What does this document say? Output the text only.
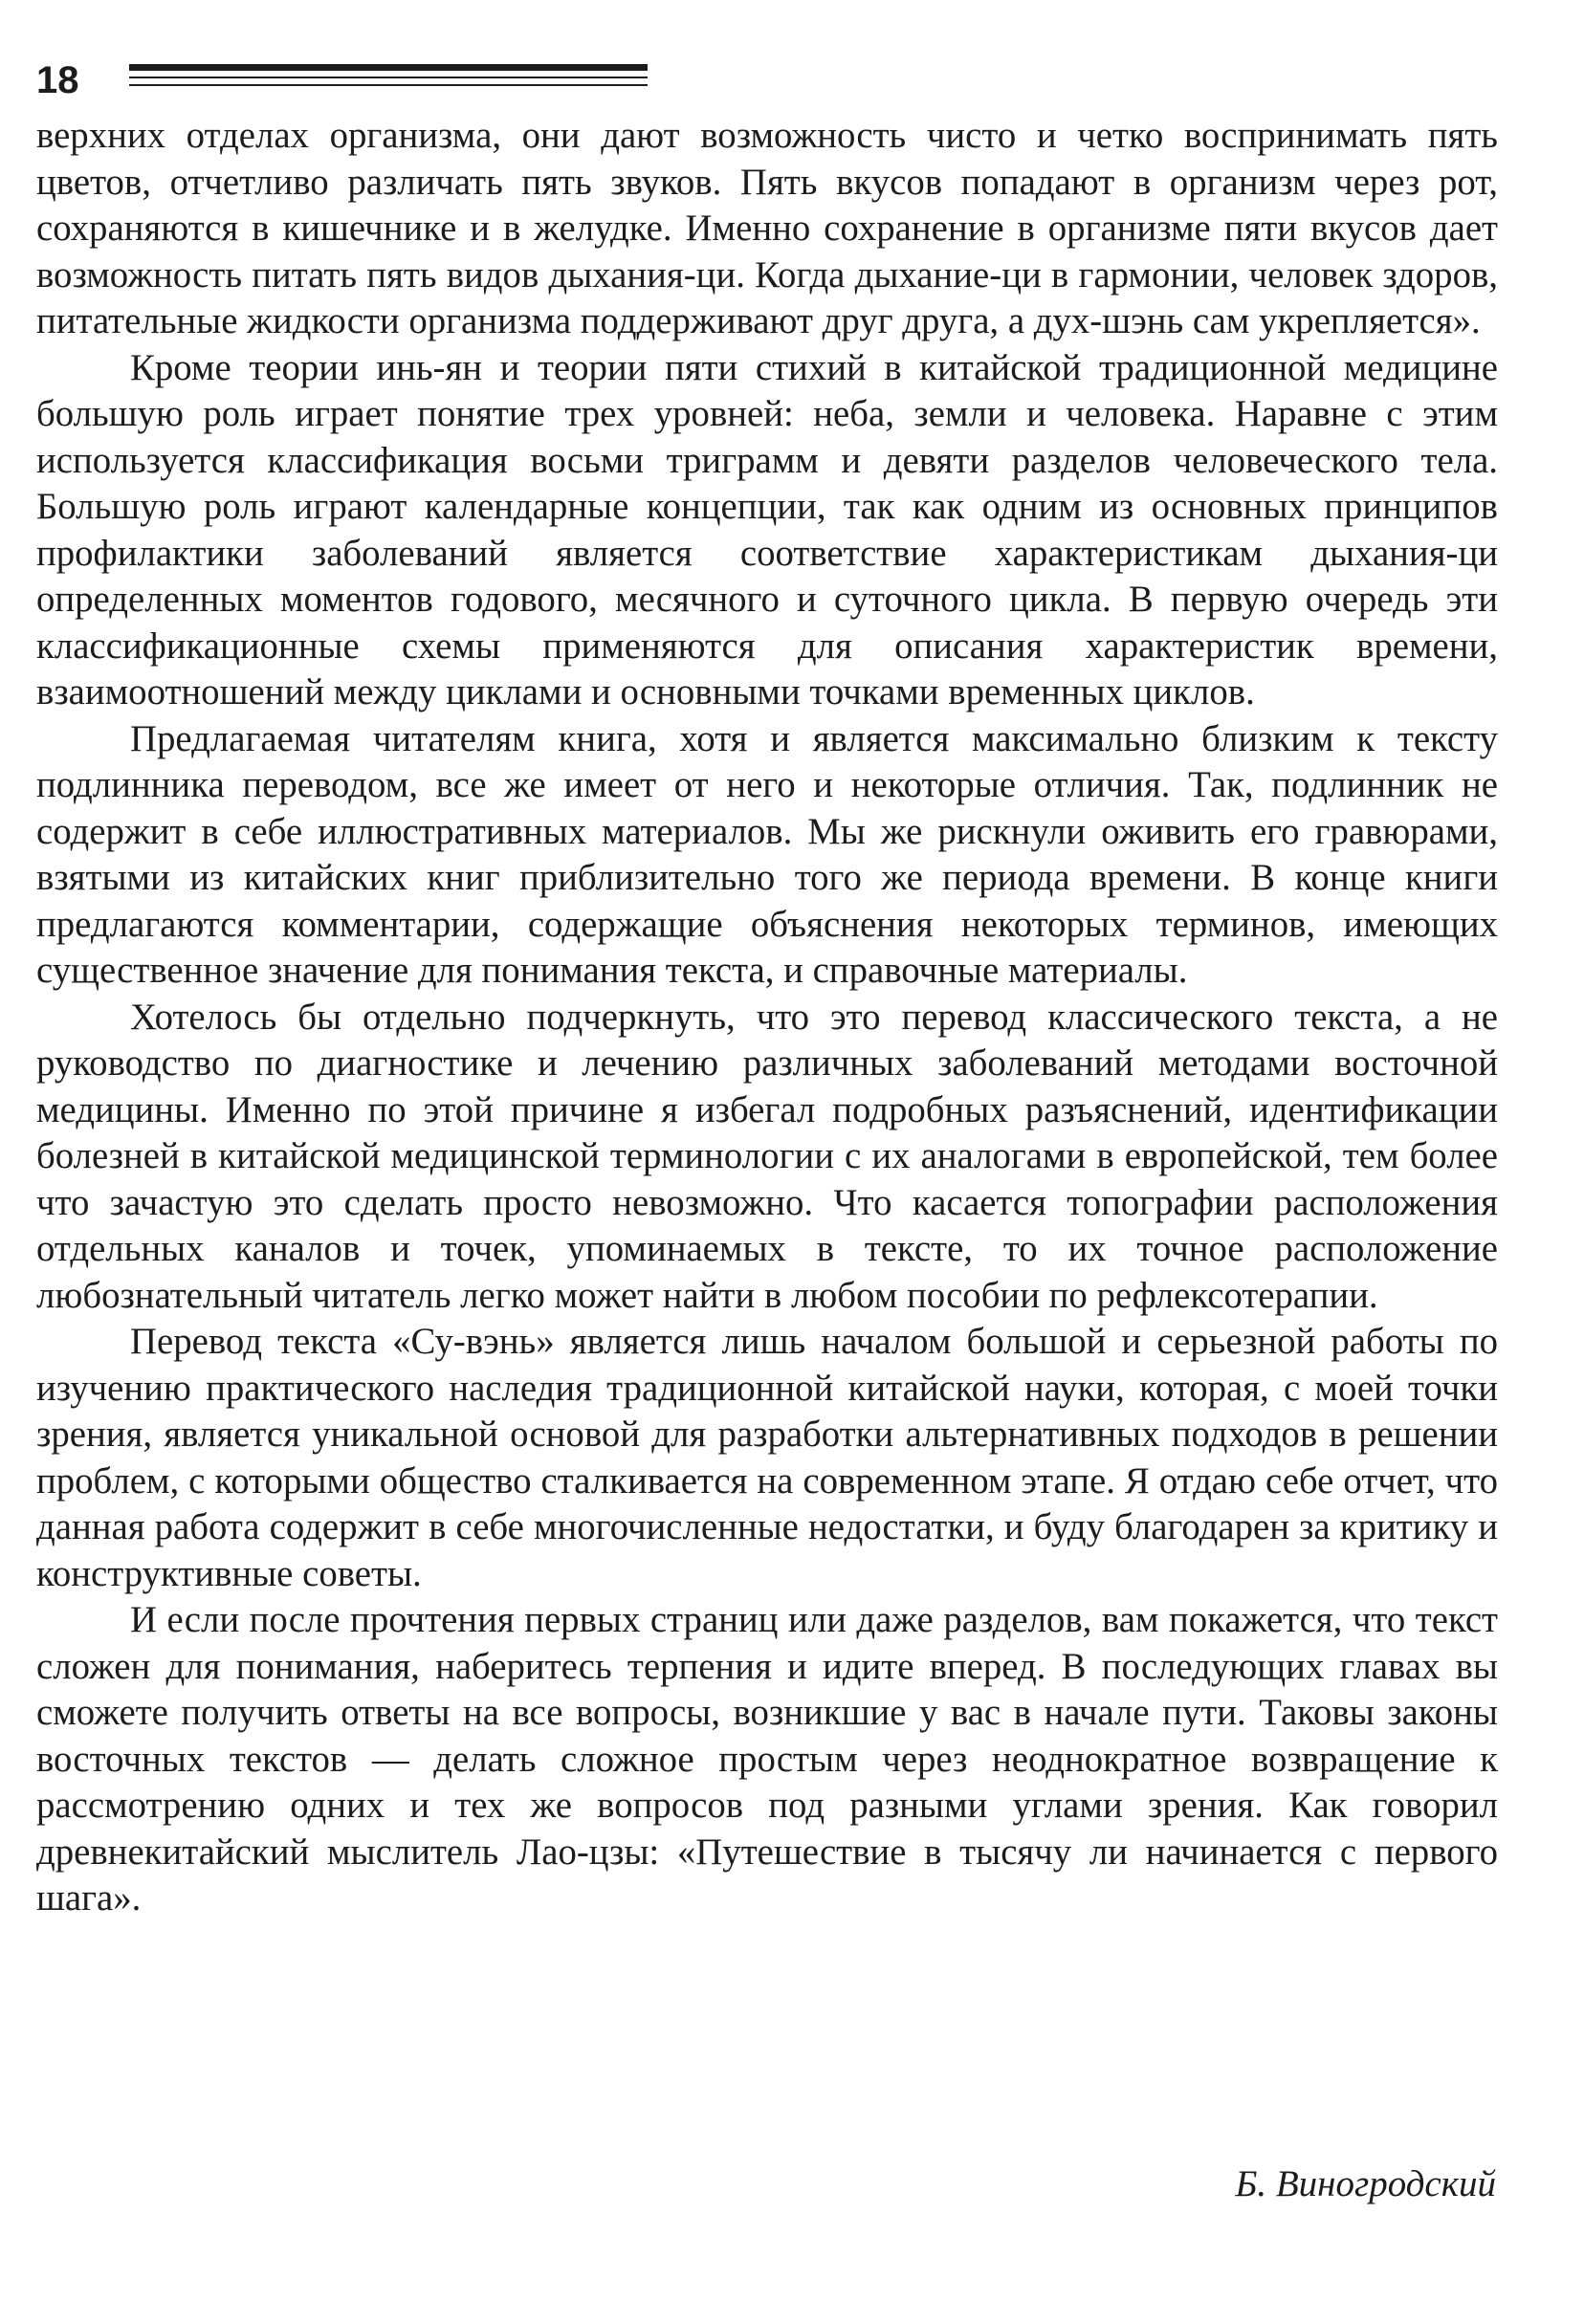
18

верхних отделах организма, они дают возможность чисто и четко воспринимать пять цветов, отчетливо различать пять звуков. Пять вкусов попадают в организм через рот, сохраняются в кишечнике и в желудке. Именно сохранение в организме пяти вкусов дает возможность питать пять видов дыхания-ци. Когда дыхание-ци в гармонии, человек здоров, питательные жидкости организма поддерживают друг друга, а дух-шэнь сам укрепляется».

Кроме теории инь-ян и теории пяти стихий в китайской традиционной медицине большую роль играет понятие трех уровней: неба, земли и человека. Наравне с этим используется классификация восьми триграмм и девяти разделов человеческого тела. Большую роль играют календарные концепции, так как одним из основных принципов профилактики заболеваний является соответствие характеристикам дыхания-ци определенных моментов годового, месячного и суточного цикла. В первую очередь эти классификационные схемы применяются для описания характеристик времени, взаимоотношений между циклами и основными точками временных циклов.

Предлагаемая читателям книга, хотя и является максимально близким к тексту подлинника переводом, все же имеет от него и некоторые отличия. Так, подлинник не содержит в себе иллюстративных материалов. Мы же рискнули оживить его гравюрами, взятыми из китайских книг приблизительно того же периода времени. В конце книги предлагаются комментарии, содержащие объяснения некоторых терминов, имеющих существенное значение для понимания текста, и справочные материалы.

Хотелось бы отдельно подчеркнуть, что это перевод классического текста, а не руководство по диагностике и лечению различных заболеваний методами восточной медицины. Именно по этой причине я избегал подробных разъяснений, идентификации болезней в китайской медицинской терминологии с их аналогами в европейской, тем более что зачастую это сделать просто невозможно. Что касается топографии расположения отдельных каналов и точек, упоминаемых в тексте, то их точное расположение любознательный читатель легко может найти в любом пособии по рефлексотерапии.

Перевод текста «Су-вэнь» является лишь началом большой и серьезной работы по изучению практического наследия традиционной китайской науки, которая, с моей точки зрения, является уникальной основой для разработки альтернативных подходов в решении проблем, с которыми общество сталкивается на современном этапе. Я отдаю себе отчет, что данная работа содержит в себе многочисленные недостатки, и буду благодарен за критику и конструктивные советы.

И если после прочтения первых страниц или даже разделов, вам покажется, что текст сложен для понимания, наберитесь терпения и идите вперед. В последующих главах вы сможете получить ответы на все вопросы, возникшие у вас в начале пути. Таковы законы восточных текстов — делать сложное простым через неоднократное возвращение к рассмотрению одних и тех же вопросов под разными углами зрения. Как говорил древнекитайский мыслитель Лао-цзы: «Путешествие в тысячу ли начинается с первого шага».

Б. Виногродский
